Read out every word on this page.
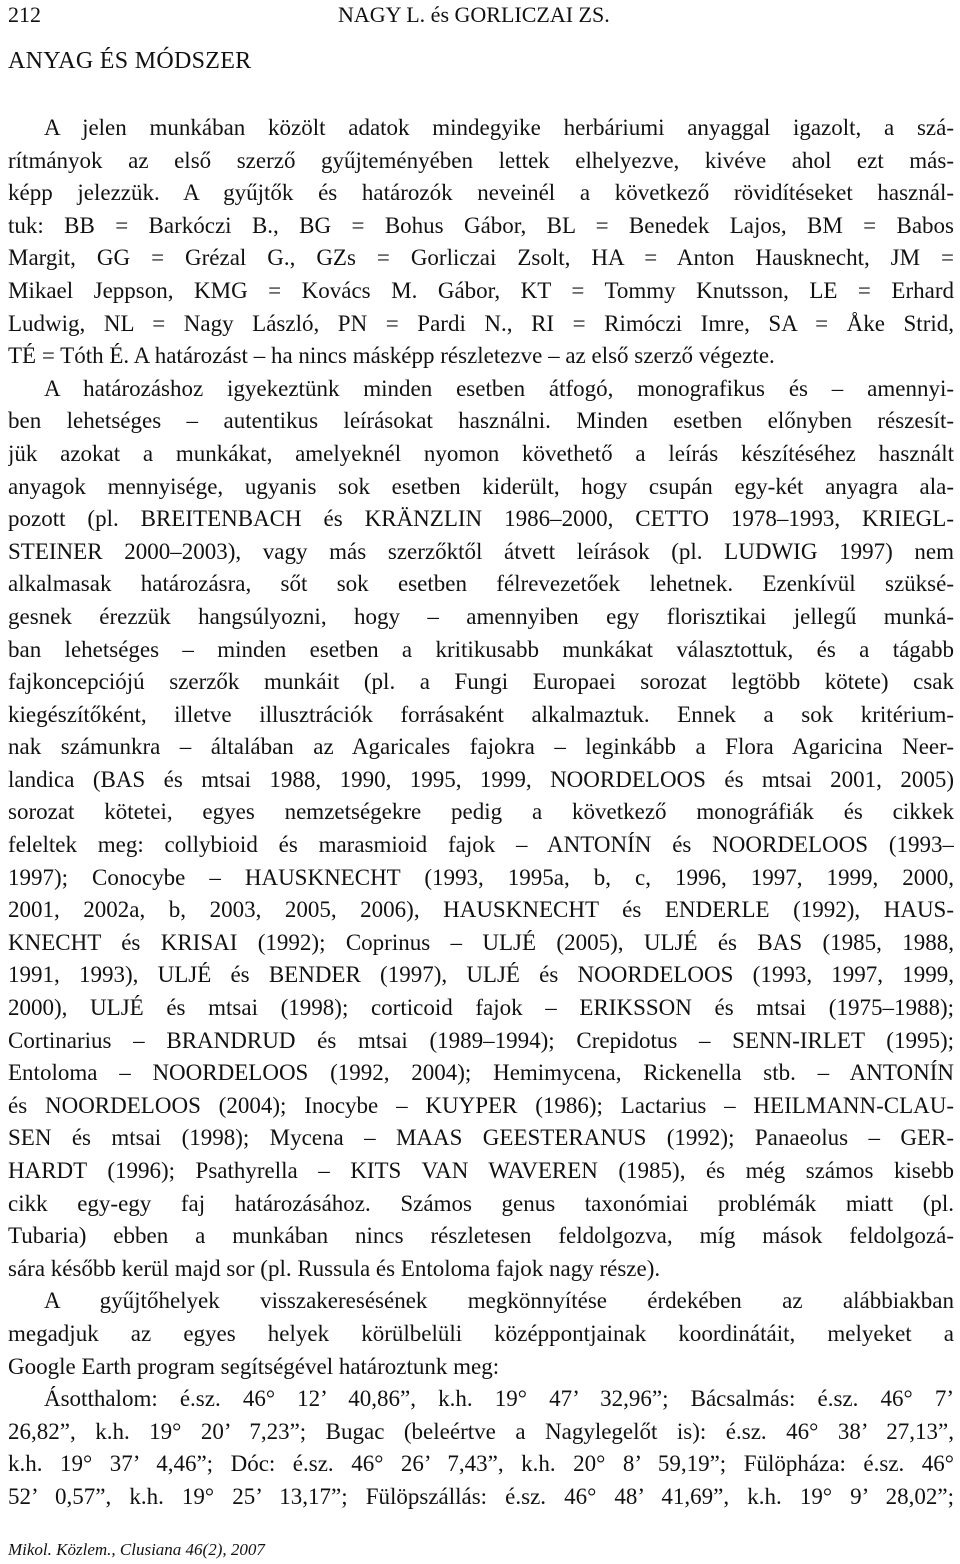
212	NAGY L. és GORLICZAI ZS.
ANYAG ÉS MÓDSZER
A jelen munkában közölt adatok mindegyike herbáriumi anyaggal igazolt, a szá-
rítmányok az első szerző gyűjteményében lettek elhelyezve, kivéve ahol ezt más-
képp jelezzük. A gyűjtők és határozók neveinél a következő rövidítéseket használ-
tuk: BB = Barkóczi B., BG = Bohus Gábor, BL = Benedek Lajos, BM = Babos
Margit, GG = Grézal G., GZs = Gorliczai Zsolt, HA = Anton Hausknecht, JM =
Mikael Jeppson, KMG = Kovács M. Gábor, KT = Tommy Knutsson, LE = Erhard
Ludwig, NL = Nagy László, PN = Pardi N., RI = Rimóczi Imre, SA = Åke Strid,
TÉ = Tóth É. A határozást – ha nincs másképp részletezve – az első szerző végezte.
A határozáshoz igyekeztünk minden esetben átfogó, monografikus és – amennyi-
ben lehetséges – autentikus leírásokat használni. Minden esetben előnyben részesít-
jük azokat a munkákat, amelyeknél nyomon követhető a leírás készítéséhez használt
anyagok mennyisége, ugyanis sok esetben kiderült, hogy csupán egy-két anyagra ala-
pozott (pl. BREITENBACH és KRÄNZLIN 1986–2000, CETTO 1978–1993, KRIEGL-
STEINER 2000–2003), vagy más szerzőktől átvett leírások (pl. LUDWIG 1997) nem
alkalmasak határozásra, sőt sok esetben félrevezetőek lehetnek. Ezenkívül szüksé-
gesnek érezzük hangsúlyozni, hogy – amennyiben egy florisztikai jellegű munká-
ban lehetséges – minden esetben a kritikusabb munkákat választottuk, és a tágabb
fajkoncepciójú szerzők munkáit (pl. a Fungi Europaei sorozat legtöbb kötete) csak
kiegészítőként, illetve illusztrációk forrásaként alkalmaztuk. Ennek a sok kritérium-
nak számunkra – általában az Agaricales fajokra – leginkább a Flora Agaricina Neer-
landica (BAS és mtsai 1988, 1990, 1995, 1999, NOORDELOOS és mtsai 2001, 2005)
sorozat kötetei, egyes nemzetségekre pedig a következő monográfiák és cikkek
feleltek meg: collybioid és marasmioid fajok – ANTONÍN és NOORDELOOS (1993–
1997); Conocybe – HAUSKNECHT (1993, 1995a, b, c, 1996, 1997, 1999, 2000,
2001, 2002a, b, 2003, 2005, 2006), HAUSKNECHT és ENDERLE (1992), HAUS-
KNECHT és KRISAI (1992); Coprinus – ULJÉ (2005), ULJÉ és BAS (1985, 1988,
1991, 1993), ULJÉ és BENDER (1997), ULJÉ és NOORDELOOS (1993, 1997, 1999,
2000), ULJÉ és mtsai (1998); corticoid fajok – ERIKSSON és mtsai (1975–1988);
Cortinarius – BRANDRUD és mtsai (1989–1994); Crepidotus – SENN-IRLET (1995);
Entoloma – NOORDELOOS (1992, 2004); Hemimycena, Rickenella stb. – ANTONÍN
és NOORDELOOS (2004); Inocybe – KUYPER (1986); Lactarius – HEILMANN-CLAU-
SEN és mtsai (1998); Mycena – MAAS GEESTERANUS (1992); Panaeolus – GER-
HARDT (1996); Psathyrella – KITS VAN WAVEREN (1985), és még számos kisebb
cikk egy-egy faj határozásához. Számos genus taxonómiai problémák miatt (pl.
Tubaria) ebben a munkában nincs részletesen feldolgozva, míg mások feldolgozá-
sára később kerül majd sor (pl. Russula és Entoloma fajok nagy része).
A gyűjtőhelyek visszakeresésének megkönnyítése érdekében az alábbiakban
megadjuk az egyes helyek körülbelüli középpontjainak koordinátáit, melyeket a
Google Earth program segítségével határoztunk meg:
Ásotthalom: é.sz. 46° 12’ 40,86”, k.h. 19° 47’ 32,96”; Bácsalmás: é.sz. 46° 7’
26,82”, k.h. 19° 20’ 7,23”; Bugac (beleértve a Nagylegelőt is): é.sz. 46° 38’ 27,13”,
k.h. 19° 37’ 4,46”; Dóc: é.sz. 46° 26’ 7,43”, k.h. 20° 8’ 59,19”; Fülöpháza: é.sz. 46°
52’ 0,57”, k.h. 19° 25’ 13,17”; Fülöpszállás: é.sz. 46° 48’ 41,69”, k.h. 19° 9’ 28,02”;
Mikol. Közlem., Clusiana 46(2), 2007
